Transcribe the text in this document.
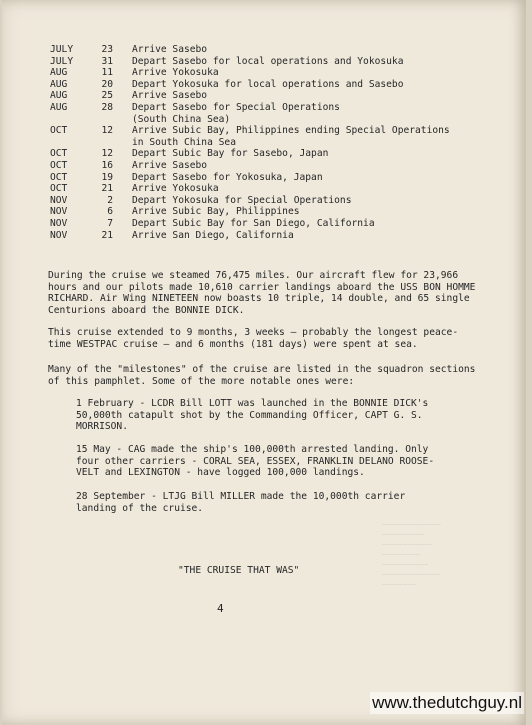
JULY	23 Arrive Sasebo
JULY	31 Depart Sasebo for local operations and Yokosuka
AUG	11 Arrive Yokosuka
AUG	20 Depart Yokosuka for local operations and Sasebo
AUG	25 Arrive Sasebo
AUG	28 Depart Sasebo for Special Operations
(South China Sea)
OCT	12 Arrive Subic Bay, Philippines ending Special Operations
in South China Sea
OCT	12 Depart Subic Bay for Sasebo, Japan
OCT	16 Arrive Sasebo
OCT	19 Depart Sasebo for Yokosuka, Japan
OCT	21 Arrive Yokosuka
NOV	2 Depart Yokosuka for Special Operations
NOV	6 Arrive Subic Bay, Philippines
NOV	7 Depart Subic Bay for San Diego, California
NOV	21 Arrive San Diego, California
During the cruise we steamed 76,475 miles. Our aircraft flew for 23,966 hours and our pilots made 10,610 carrier landings aboard the USS BON HOMME RICHARD. Air Wing NINETEEN now boasts 10 triple, 14 double, and 65 single Centurions aboard the BONNIE DICK.
This cruise extended to 9 months, 3 weeks — probably the longest peace-time WESTPAC cruise — and 6 months (181 days) were spent at sea.
Many of the "milestones" of the cruise are listed in the squadron sections of this pamphlet. Some of the more notable ones were:
1 February - LCDR Bill LOTT was launched in the BONNIE DICK's 50,000th catapult shot by the Commanding Officer, CAPT G. S. MORRISON.
15 May - CAG made the ship's 100,000th arrested landing. Only four other carriers - CORAL SEA, ESSEX, FRANKLIN DELANO ROOSE-VELT and LEXINGTON - have logged 100,000 landings.
28 September - LTJG Bill MILLER made the 10,000th carrier landing of the cruise.
"THE CRUISE THAT WAS"
4
~~~~~~~~~~~~~~
~~~~~~~~~~
~~~~~~~~~~~~
~~~~~~~~~
~~~~~~~~~~~
~~~~~~~~~~~~~~
~~~~~~~~
www.thedutchguy.nl
